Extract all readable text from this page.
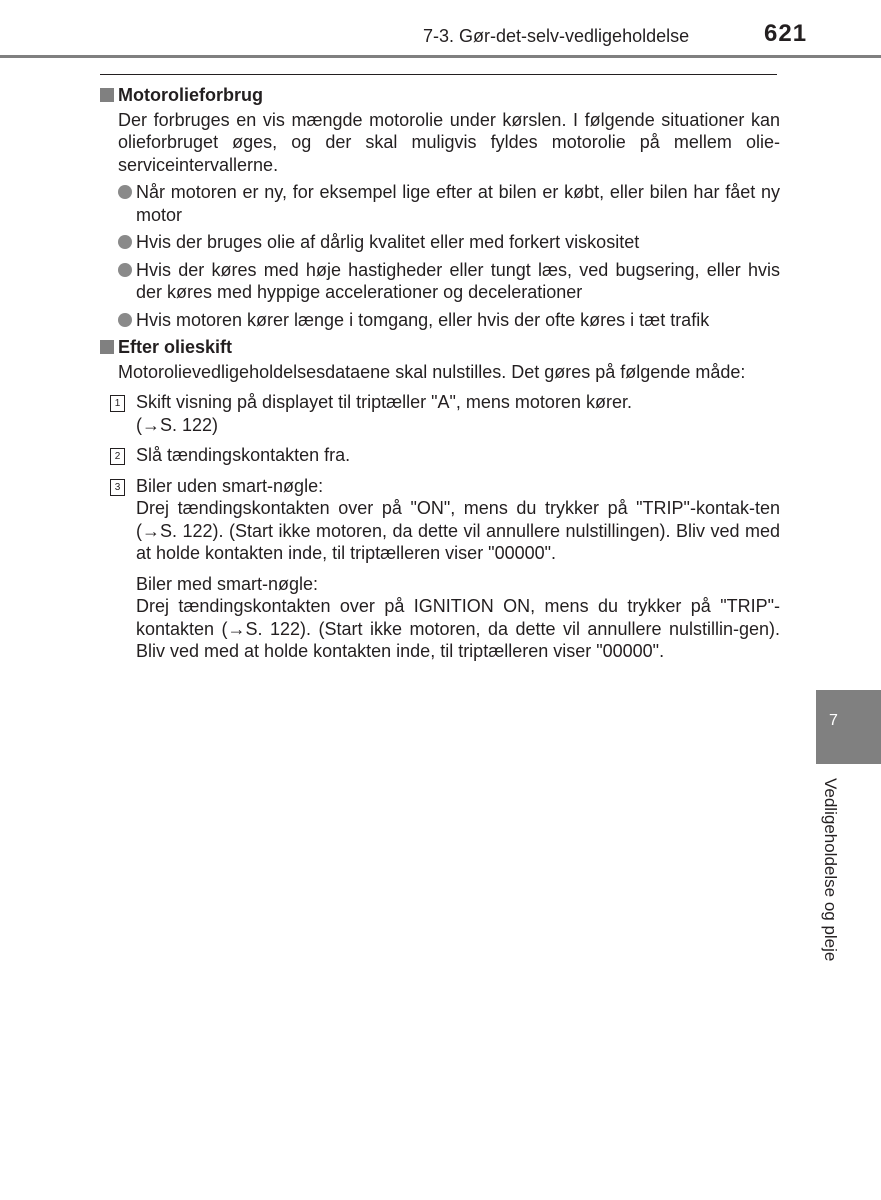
7-3. Gør-det-selv-vedligeholdelse	621
Motorolieforbrug
Der forbruges en vis mængde motorolie under kørslen. I følgende situationer kan olieforbruget øges, og der skal muligvis fyldes motorolie på mellem olie-serviceintervallerne.
Når motoren er ny, for eksempel lige efter at bilen er købt, eller bilen har fået ny motor
Hvis der bruges olie af dårlig kvalitet eller med forkert viskositet
Hvis der køres med høje hastigheder eller tungt læs, ved bugsering, eller hvis der køres med hyppige accelerationer og decelerationer
Hvis motoren kører længe i tomgang, eller hvis der ofte køres i tæt trafik
Efter olieskift
Motorolievedligeholdelsesdataene skal nulstilles. Det gøres på følgende måde:
1 Skift visning på displayet til triptæller "A", mens motoren kører.
(→S. 122)
2 Slå tændingskontakten fra.
3 Biler uden smart-nøgle:
Drej tændingskontakten over på "ON", mens du trykker på "TRIP"-kontak-ten (→S. 122). (Start ikke motoren, da dette vil annullere nulstillingen). Bliv ved med at holde kontakten inde, til triptælleren viser "00000".
Biler med smart-nøgle:
Drej tændingskontakten over på IGNITION ON, mens du trykker på "TRIP"-kontakten (→S. 122). (Start ikke motoren, da dette vil annullere nulstillin-gen). Bliv ved med at holde kontakten inde, til triptælleren viser "00000".
7
Vedligeholdelse og pleje
